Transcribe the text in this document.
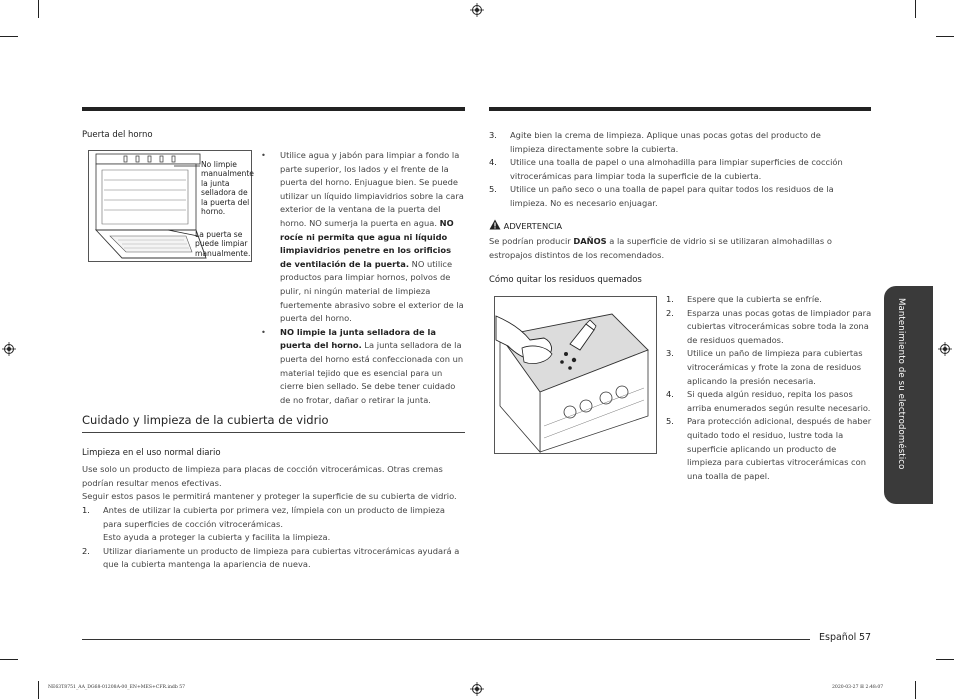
Puerta del horno
No limpie manualmente la junta selladora de la puerta del horno.
La puerta se puede limpiar manualmente.
• Utilice agua y jabón para limpiar a fondo la parte superior, los lados y el frente de la puerta del horno. Enjuague bien. Se puede utilizar un líquido limpiavidrios sobre la cara exterior de la ventana de la puerta del horno. NO sumerja la puerta en agua. NO rocíe ni permita que agua ni líquido limpiavidrios penetre en los orificios de ventilación de la puerta. NO utilice productos para limpiar hornos, polvos de pulir, ni ningún material de limpieza fuertemente abrasivo sobre el exterior de la puerta del horno.
• NO limpie la junta selladora de la puerta del horno. La junta selladora de la puerta del horno está confeccionada con un material tejido que es esencial para un cierre bien sellado. Se debe tener cuidado de no frotar, dañar o retirar la junta.
Cuidado y limpieza de la cubierta de vidrio
Limpieza en el uso normal diario
Use solo un producto de limpieza para placas de cocción vitrocerámicas. Otras cremas podrían resultar menos efectivas.
Seguir estos pasos le permitirá mantener y proteger la superficie de su cubierta de vidrio.
1. Antes de utilizar la cubierta por primera vez, límpiela con un producto de limpieza para superficies de cocción vitrocerámicas.
Esto ayuda a proteger la cubierta y facilita la limpieza.
2. Utilizar diariamente un producto de limpieza para cubiertas vitrocerámicas ayudará a que la cubierta mantenga la apariencia de nueva.
3. Agite bien la crema de limpieza. Aplique unas pocas gotas del producto de limpieza directamente sobre la cubierta.
4. Utilice una toalla de papel o una almohadilla para limpiar superficies de cocción vitrocerámicas para limpiar toda la superficie de la cubierta.
5. Utilice un paño seco o una toalla de papel para quitar todos los residuos de la limpieza. No es necesario enjuagar.
ADVERTENCIA
Se podrían producir DAÑOS a la superficie de vidrio si se utilizaran almohadillas o estropajos distintos de los recomendados.
Cómo quitar los residuos quemados
1. Espere que la cubierta se enfríe.
2. Esparza unas pocas gotas de limpiador para cubiertas vitrocerámicas sobre toda la zona de residuos quemados.
3. Utilice un paño de limpieza para cubiertas vitrocerámicas y frote la zona de residuos aplicando la presión necesaria.
4. Si queda algún residuo, repita los pasos arriba enumerados según resulte necesario.
5. Para protección adicional, después de haber quitado todo el residuo, lustre toda la superficie aplicando un producto de limpieza para cubiertas vitrocerámicas con una toalla de papel.
Mantenimiento de su electrodoméstico
Español 57
NE63T8751_AA_DG68-01208A-00_EN+MES+CFR.indb 57	2020-03-27 ☒ 2:48:07
